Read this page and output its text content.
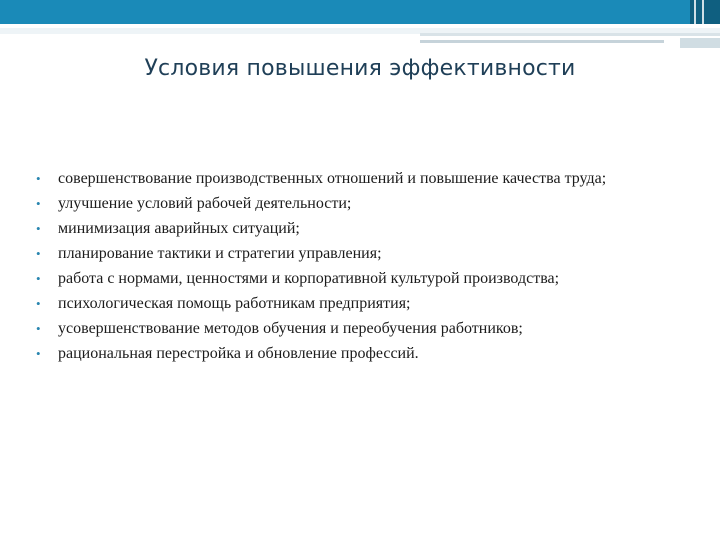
Условия повышения эффективности
• совершенствование производственных отношений и повышение качества труда;
• улучшение условий рабочей деятельности;
• минимизация аварийных ситуаций;
• планирование тактики и стратегии управления;
• работа с нормами, ценностями и корпоративной культурой производства;
• психологическая помощь работникам предприятия;
• усовершенствование методов обучения и переобучения работников;
• рациональная перестройка и обновление профессий.
